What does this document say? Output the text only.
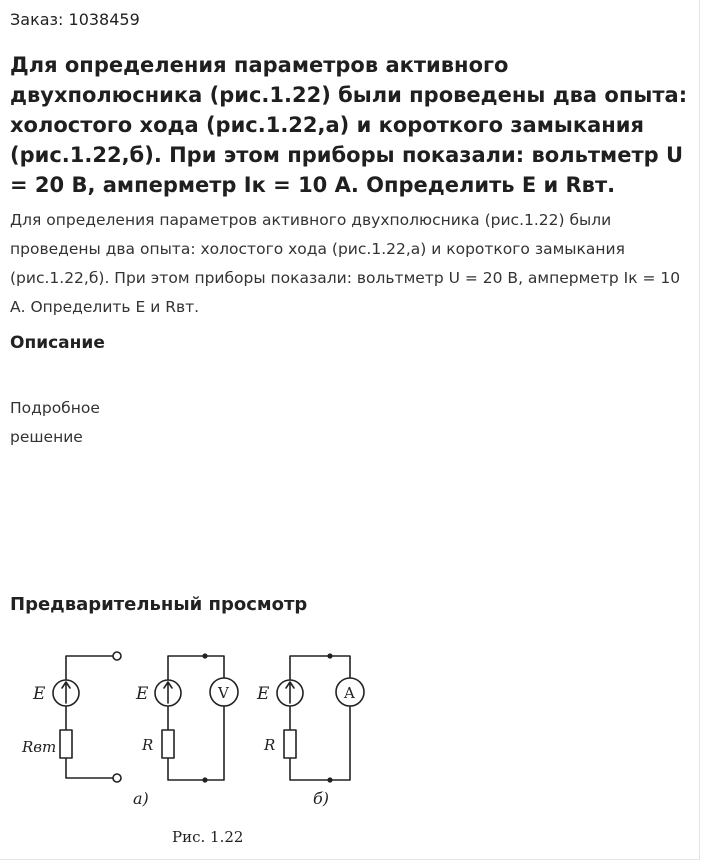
Заказ: 1038459
Для определения параметров активного двухполюсника (рис.1.22) были проведены два опыта: холостого хода (рис.1.22,а) и короткого замыкания (рис.1.22,б). При этом приборы показали: вольтметр U = 20 В, амперметр Iк = 10 А. Определить E и Rвт.

Для определения параметров активного двухполюсника (рис.1.22) были проведены два опыта: холостого хода (рис.1.22,а) и короткого замыкания (рис.1.22,б). При этом приборы показали: вольтметр U = 20 В, амперметр Iк = 10 А. Определить E и Rвт.

Описание
Подробное
решение
Предварительный просмотр
E
Rвт
E
R
V
а)
E
R
A
б)
Рис. 1.22
